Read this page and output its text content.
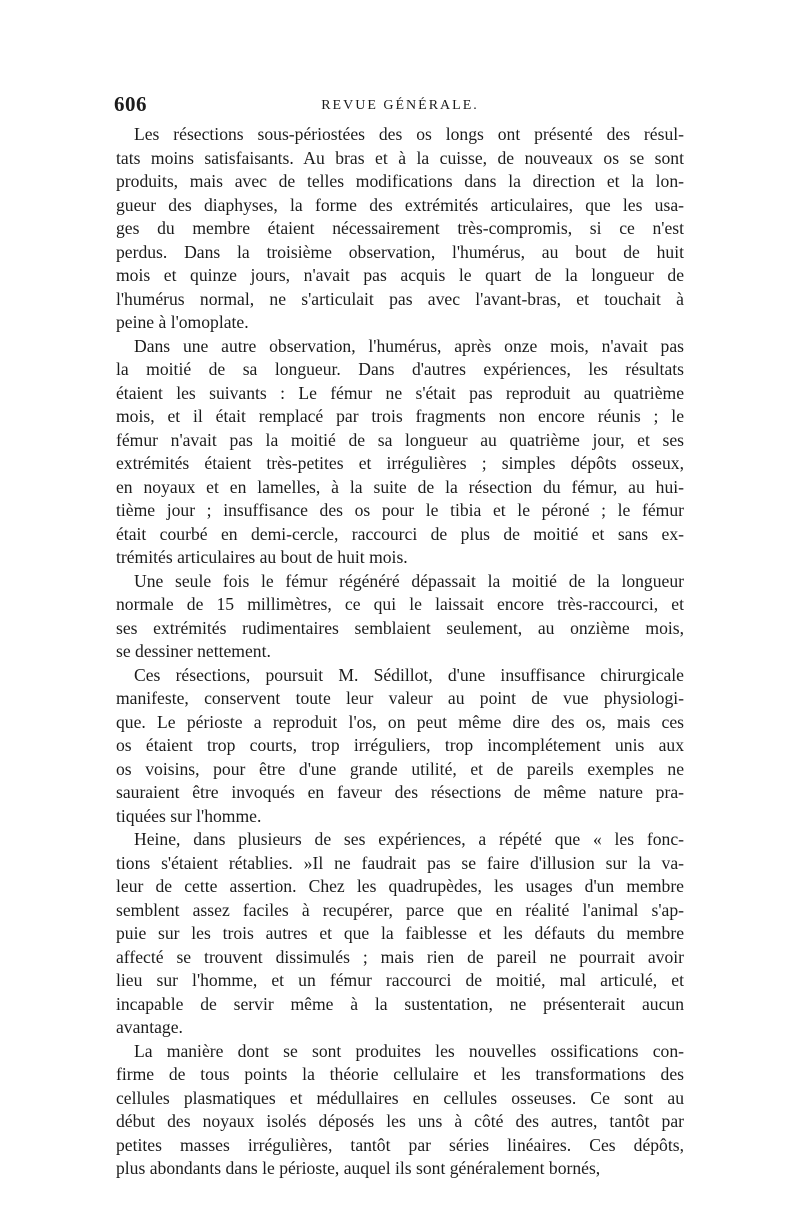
606	REVUE GÉNÉRALE.
Les résections sous-périostées des os longs ont présenté des résul-
tats moins satisfaisants. Au bras et à la cuisse, de nouveaux os se sont
produits, mais avec de telles modifications dans la direction et la lon-
gueur des diaphyses, la forme des extrémités articulaires, que les usa-
ges du membre étaient nécessairement très-compromis, si ce n'est
perdus. Dans la troisième observation, l'humérus, au bout de huit
mois et quinze jours, n'avait pas acquis le quart de la longueur de
l'humérus normal, ne s'articulait pas avec l'avant-bras, et touchait à
peine à l'omoplate.
Dans une autre observation, l'humérus, après onze mois, n'avait pas
la moitié de sa longueur. Dans d'autres expériences, les résultats
étaient les suivants : Le fémur ne s'était pas reproduit au quatrième
mois, et il était remplacé par trois fragments non encore réunis ; le
fémur n'avait pas la moitié de sa longueur au quatrième jour, et ses
extrémités étaient très-petites et irrégulières ; simples dépôts osseux,
en noyaux et en lamelles, à la suite de la résection du fémur, au hui-
tième jour ; insuffisance des os pour le tibia et le péroné ; le fémur
était courbé en demi-cercle, raccourci de plus de moitié et sans ex-
trémités articulaires au bout de huit mois.
Une seule fois le fémur régénéré dépassait la moitié de la longueur
normale de 15 millimètres, ce qui le laissait encore très-raccourci, et
ses extrémités rudimentaires semblaient seulement, au onzième mois,
se dessiner nettement.
Ces résections, poursuit M. Sédillot, d'une insuffisance chirurgicale
manifeste, conservent toute leur valeur au point de vue physiologi-
que. Le périoste a reproduit l'os, on peut même dire des os, mais ces
os étaient trop courts, trop irréguliers, trop incomplétement unis aux
os voisins, pour être d'une grande utilité, et de pareils exemples ne
sauraient être invoqués en faveur des résections de même nature pra-
tiquées sur l'homme.
Heine, dans plusieurs de ses expériences, a répété que « les fonc-
tions s'étaient rétablies. »Il ne faudrait pas se faire d'illusion sur la va-
leur de cette assertion. Chez les quadrupèdes, les usages d'un membre
semblent assez faciles à recupérer, parce que en réalité l'animal s'ap-
puie sur les trois autres et que la faiblesse et les défauts du membre
affecté se trouvent dissimulés ; mais rien de pareil ne pourrait avoir
lieu sur l'homme, et un fémur raccourci de moitié, mal articulé, et
incapable de servir même à la sustentation, ne présenterait aucun
avantage.
La manière dont se sont produites les nouvelles ossifications con-
firme de tous points la théorie cellulaire et les transformations des
cellules plasmatiques et médullaires en cellules osseuses. Ce sont au
début des noyaux isolés déposés les uns à côté des autres, tantôt par
petites masses irrégulières, tantôt par séries linéaires. Ces dépôts,
plus abondants dans le périoste, auquel ils sont généralement bornés,
